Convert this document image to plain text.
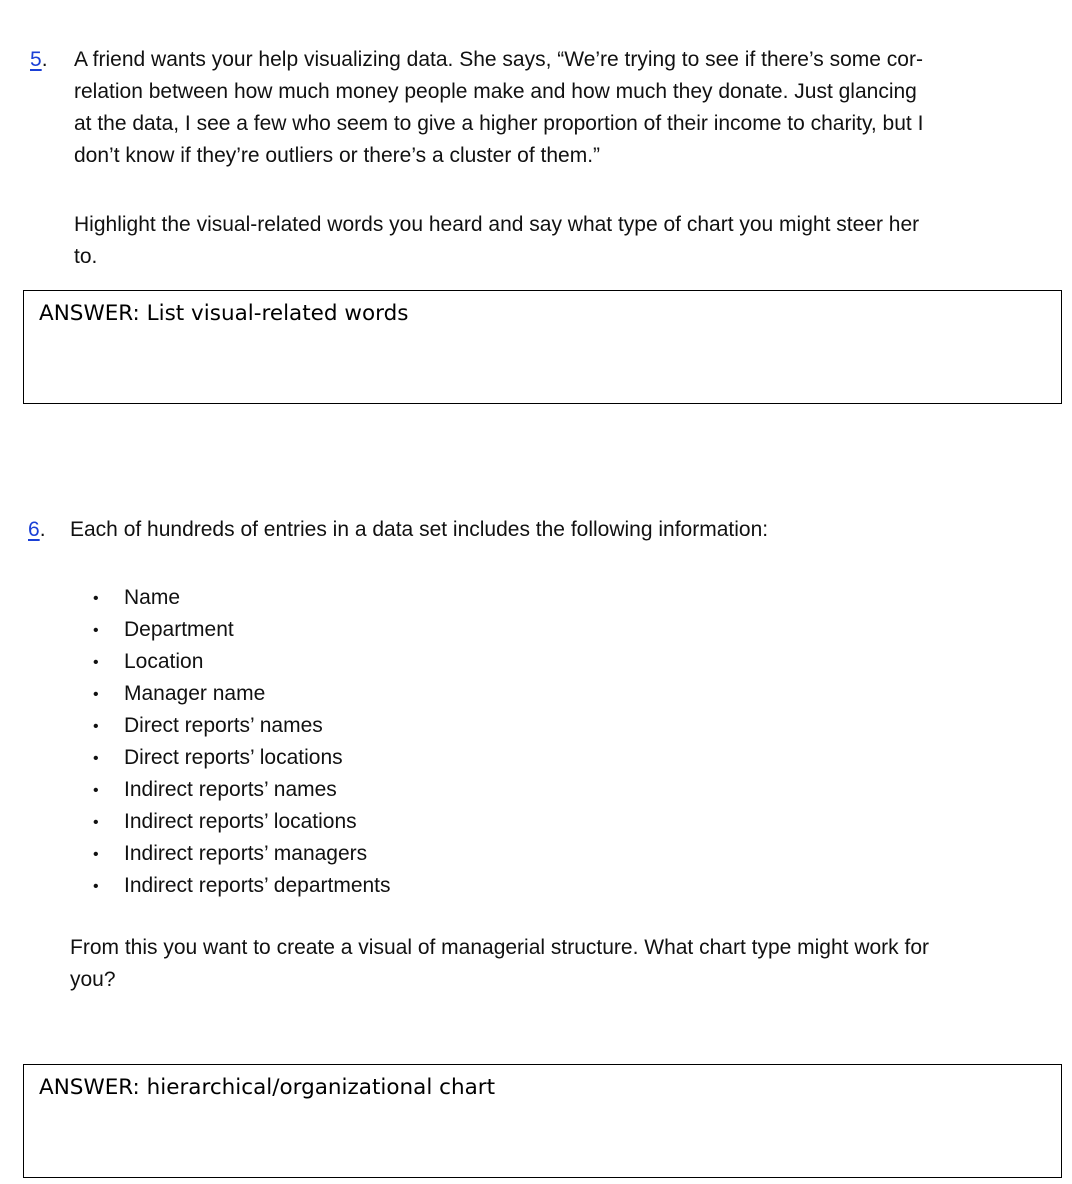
5. A friend wants your help visualizing data. She says, “We’re trying to see if there’s some cor-
relation between how much money people make and how much they donate. Just glancing
at the data, I see a few who seem to give a higher proportion of their income to charity, but I
don’t know if they’re outliers or there’s a cluster of them.”
Highlight the visual-related words you heard and say what type of chart you might steer her
to.
ANSWER: List visual-related words
6. Each of hundreds of entries in a data set includes the following information:
• Name
• Department
• Location
• Manager name
• Direct reports’ names
• Direct reports’ locations
• Indirect reports’ names
• Indirect reports’ locations
• Indirect reports’ managers
• Indirect reports’ departments
From this you want to create a visual of managerial structure. What chart type might work for
you?
ANSWER: hierarchical/organizational chart
